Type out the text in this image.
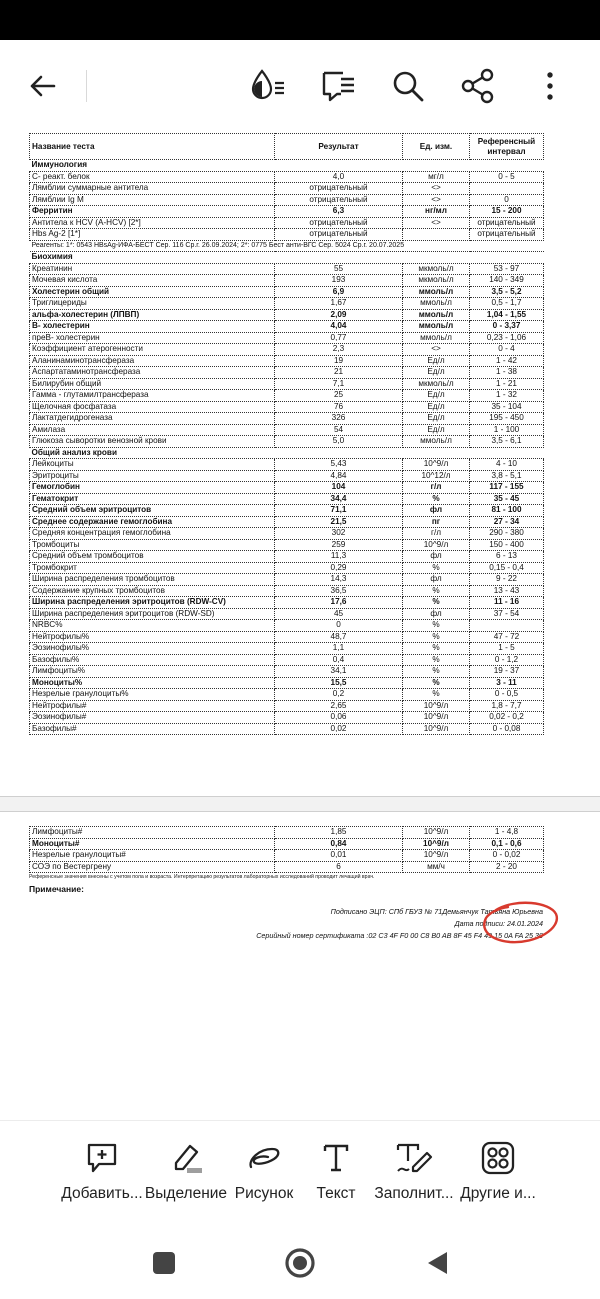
Название теста	Результат	Ед. изм.	Референсный интервал
Иммунология			
С- реакт. белок	4,0	мг/л	0 - 5
Лямблии суммарные антитела	отрицательный	<>	
Лямблии Ig M	отрицательный	<>	0
Ферритин	6,3	нг/мл	15 - 200
Антитела к HCV (A-HCV) [2*]	отрицательный	<>	отрицательный
Hbs Ag-2 [1*]	отрицательный		отрицательный
Реагенты: 1*: 0543 HBsAg-ИФА-БЕСТ Сер. 116 Ср.г. 26.09.2024; 2*: 0775 Бест анти-ВГС Сер. 5024 Ср.г. 20.07.2025			
Биохимия			
Креатинин	55	мкмоль/л	53 - 97
Мочевая кислота	193	мкмоль/л	140 - 349
Холестерин общий	6,9	ммоль/л	3,5 - 5,2
Триглицериды	1,67	ммоль/л	0,5 - 1,7
альфа-холестерин (ЛПВП)	2,09	ммоль/л	1,04 - 1,55
В- холестерин	4,04	ммоль/л	0 - 3,37
преВ- холестерин	0,77	ммоль/л	0,23 - 1,06
Коэффициент атерогенности	2,3	<>	0 - 4
Аланинаминотрансфераза	19	Ед/л	1 - 42
Аспартатаминотрансфераза	21	Ед/л	1 - 38
Билирубин общий	7,1	мкмоль/л	1 - 21
Гамма - глутамилтрансфераза	25	Ед/л	1 - 32
Щелочная фосфатаза	76	Ед/л	35 - 104
Лактатдегидрогеназа	326	Ед/л	195 - 450
Амилаза	54	Ед/л	1 - 100
Глюкоза сыворотки венозной крови	5,0	ммоль/л	3,5 - 6,1
Общий анализ крови			
Лейкоциты	5,43	10^9/л	4 - 10
Эритроциты	4,84	10^12/л	3,8 - 5,1
Гемоглобин	104	г/л	117 - 155
Гематокрит	34,4	%	35 - 45
Средний объем эритроцитов	71,1	фл	81 - 100
Среднее содержание гемоглобина	21,5	пг	27 - 34
Средняя концентрация гемоглобина	302	г/л	290 - 380
Тромбоциты	259	10^9/л	150 - 400
Средний объем тромбоцитов	11,3	фл	6 - 13
Тромбокрит	0,29	%	0,15 - 0,4
Ширина распределения тромбоцитов	14,3	фл	9 - 22
Содержание крупных тромбоцитов	36,5	%	13 - 43
Ширина распределения эритроцитов (RDW-CV)	17,6	%	11 - 16
Ширина распределения эритроцитов (RDW-SD)	45	фл	37 - 54
NRBC%	0	%	
Нейтрофилы%	48,7	%	47 - 72
Эозинофилы%	1,1	%	1 - 5
Базофилы%	0,4	%	0 - 1,2
Лимфоциты%	34,1	%	19 - 37
Моноциты%	15,5	%	3 - 11
Незрелые гранулоциты%	0,2	%	0 - 0,5
Нейтрофилы#	2,65	10^9/л	1,8 - 7,7
Эозинофилы#	0,06	10^9/л	0,02 - 0,2
Базофилы#	0,02	10^9/л	0 - 0,08
Лимфоциты#	1,85	10^9/л	1 - 4,8
Моноциты#	0,84	10^9/л	0,1 - 0,6
Незрелые гранулоциты#	0,01	10^9/л	0 - 0,02
СОЭ по Вестергрену	6	мм/ч	2 - 20
Референсные значения внесены с учетом пола и возраста. Интерпретацию результатов лабораторных исследований проводит лечащий врач.
Примечание:
Подписано ЭЦП: СПб ГБУЗ № 71Демьянчук Татьяна Юрьевна
Дата подписи: 24.01.2024
Серийный номер сертификата :02 C3 4F F0 00 C8 B0 AB 8F 45 F4 49 15 0A FA 25 30
Добавить... Выделение Рисунок	Текст	Заполнит... Другие и...
